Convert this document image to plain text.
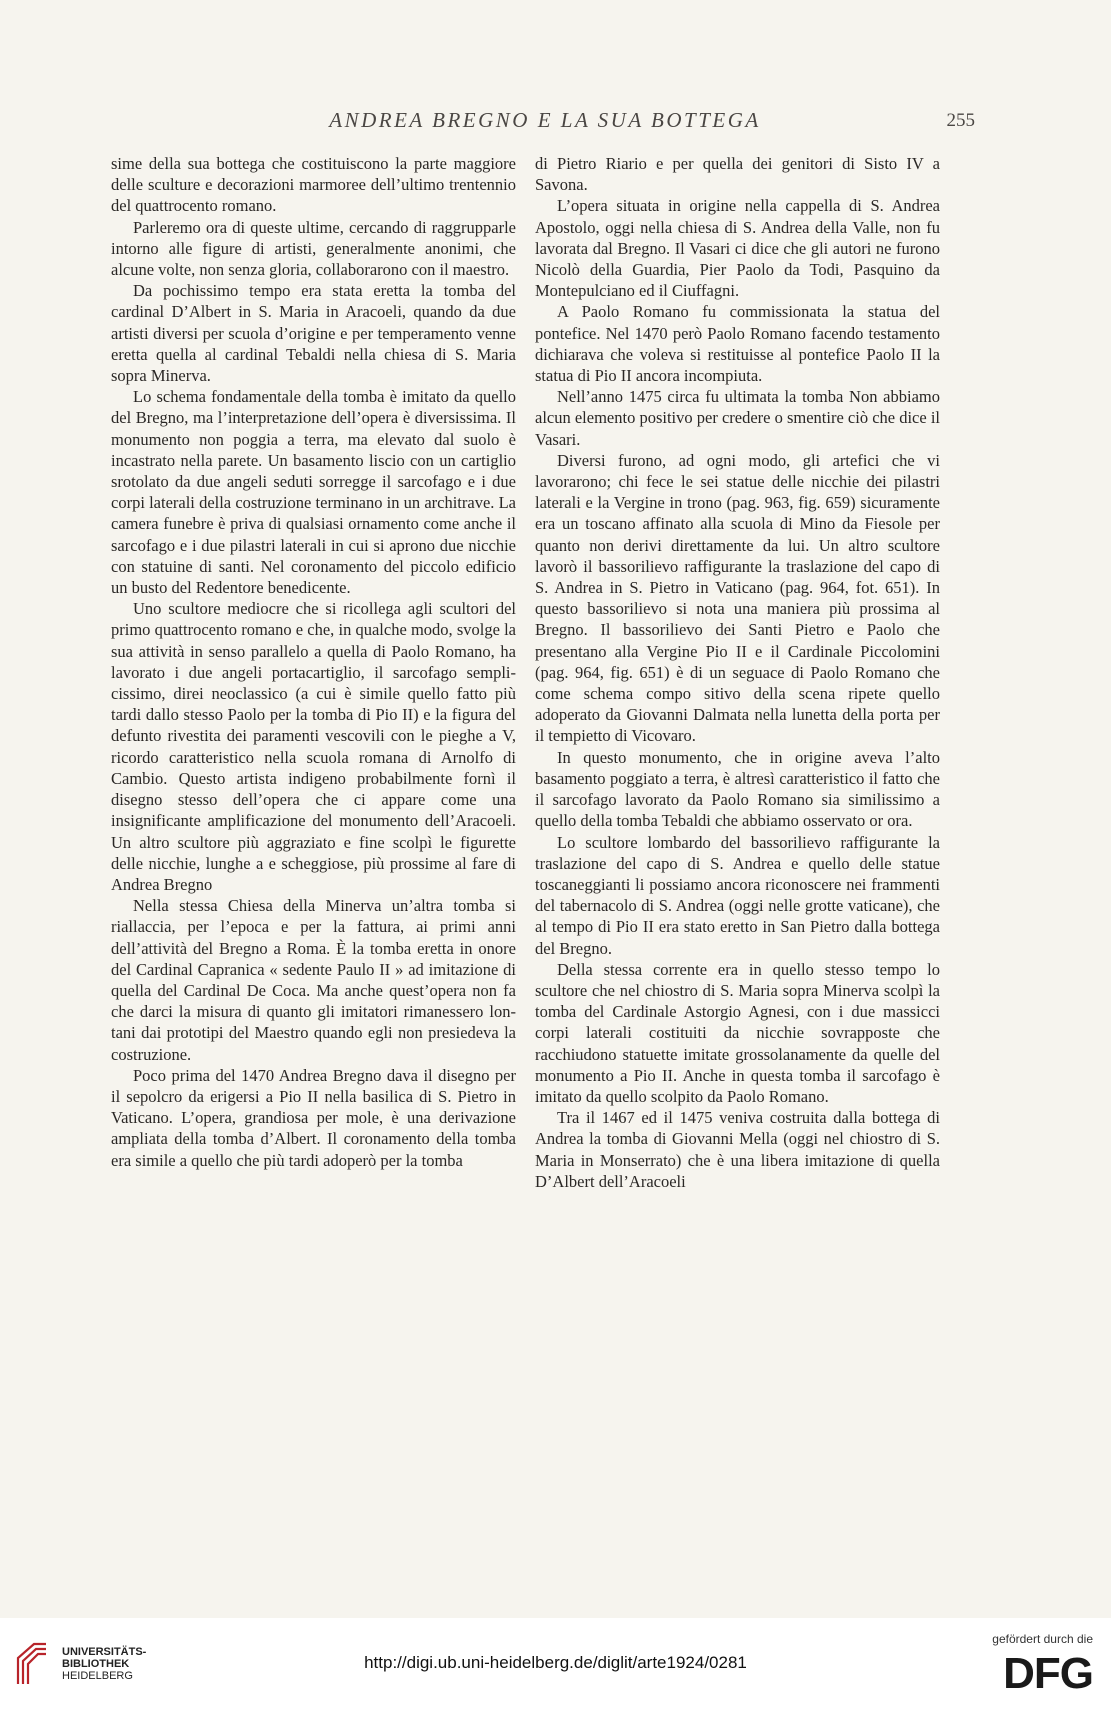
ANDREA BREGNO E LA SUA BOTTEGA	255

sime della sua bottega che costituiscono la parte maggiore delle sculture e decorazioni marmoree dell’ultimo trentennio del quattrocento romano.

Parleremo ora di queste ultime, cercando di raggrupparle intorno alle figure di artisti, generalmente anonimi, che alcune volte, non senza gloria, collaborarono con il maestro.

Da pochissimo tempo era stata eretta la tomba del cardinal D’Albert in S. Maria in Aracoeli, quando da due artisti diversi per scuola d’origine e per temperamento venne eretta quella al cardinal Tebaldi nella chiesa di S. Maria sopra Minerva.

Lo schema fondamentale della tomba è imitato da quello del Bregno, ma l’interpretazione dell’opera è diversissima. Il monumento non poggia a terra, ma elevato dal suolo è incastrato nella parete. Un basamento liscio con un cartiglio srotolato da due angeli seduti sorregge il sarcofago e i due corpi laterali della costruzione terminano in un architrave. La camera funebre è priva di qualsiasi ornamento come anche il sarcofago e i due pilastri laterali in cui si aprono due nicchie con statuine di santi. Nel coronamento del piccolo edificio un busto del Redentore benedicente.

Uno scultore mediocre che si ricollega agli scultori del primo quattrocento romano e che, in qualche modo, svolge la sua attività in senso parallelo a quella di Paolo Romano, ha lavorato i due angeli portacartiglio, il sarcofago semplicissimo, direi neoclassico (a cui è simile quello fatto più tardi dallo stesso Paolo per la tomba di Pio II) e la figura del defunto rivestita dei paramenti vescovili con le pieghe a V, ricordo caratteristico nella scuola romana di Arnolfo di Cambio. Questo artista indigeno probabilmente fornì il disegno stesso dell’opera che ci appare come una insignificante amplificazione del monumento dell’Aracoeli. Un altro scultore più aggraziato e fine scolpì le figurette delle nicchie, lunghe a e scheggiose, più prossime al fare di Andrea Bregno

Nella stessa Chiesa della Minerva un’altra tomba si riallaccia, per l’epoca e per la fattura, ai primi anni dell’attività del Bregno a Roma. È la tomba eretta in onore del Cardinal Capranica « sedente Paulo II » ad imitazione di quella del Cardinal De Coca. Ma anche quest’opera non fa che darci la misura di quanto gli imitatori rimanessero lontani dai prototipi del Maestro quando egli non presiedeva la costruzione.

Poco prima del 1470 Andrea Bregno dava il disegno per il sepolcro da erigersi a Pio II nella basilica di S. Pietro in Vaticano. L’opera, grandiosa per mole, è una derivazione ampliata della tomba d’Albert. Il coronamento della tomba era simile a quello che più tardi adoperò per la tomba

di Pietro Riario e per quella dei genitori di Sisto IV a Savona.

L’opera situata in origine nella cappella di S. Andrea Apostolo, oggi nella chiesa di S. Andrea della Valle, non fu lavorata dal Bregno. Il Vasari ci dice che gli autori ne furono Nicolò della Guardia, Pier Paolo da Todi, Pasquino da Montepulciano ed il Ciuffagni.

A Paolo Romano fu commissionata la statua del pontefice. Nel 1470 però Paolo Romano facendo testamento dichiarava che voleva si restituisse al pontefice Paolo II la statua di Pio II ancora incompiuta.

Nell’anno 1475 circa fu ultimata la tomba Non abbiamo alcun elemento positivo per credere o smentire ciò che dice il Vasari.

Diversi furono, ad ogni modo, gli artefici che vi lavorarono; chi fece le sei statue delle nicchie dei pilastri laterali e la Vergine in trono (pag. 963, fig. 659) sicuramente era un toscano affinato alla scuola di Mino da Fiesole per quanto non derivi direttamente da lui. Un altro scultore lavorò il bassorilievo raffigurante la traslazione del capo di S. Andrea in S. Pietro in Vaticano (pag. 964, fot. 651). In questo bassorilievo si nota una maniera più prossima al Bregno. Il bassorilievo dei Santi Pietro e Paolo che presentano alla Vergine Pio II e il Cardinale Piccolomini (pag. 964, fig. 651) è di un seguace di Paolo Romano che come schema compo sitivo della scena ripete quello adoperato da Giovanni Dalmata nella lunetta della porta per il tempietto di Vicovaro.

In questo monumento, che in origine aveva l’alto basamento poggiato a terra, è altresì caratteristico il fatto che il sarcofago lavorato da Paolo Romano sia similissimo a quello della tomba Tebaldi che abbiamo osservato or ora.

Lo scultore lombardo del bassorilievo raffigurante la traslazione del capo di S. Andrea e quello delle statue toscaneggianti li possiamo ancora riconoscere nei frammenti del tabernacolo di S. Andrea (oggi nelle grotte vaticane), che al tempo di Pio II era stato eretto in San Pietro dalla bottega del Bregno.

Della stessa corrente era in quello stesso tempo lo scultore che nel chiostro di S. Maria sopra Minerva scolpì la tomba del Cardinale Astorgio Agnesi, con i due massicci corpi laterali costituiti da nicchie sovrapposte che racchiudono statuette imitate grossolanamente da quelle del monumento a Pio II. Anche in questa tomba il sarcofago è imitato da quello scolpito da Paolo Romano.

Tra il 1467 ed il 1475 veniva costruita dalla bottega di Andrea la tomba di Giovanni Mella (oggi nel chiostro di S. Maria in Monserrato) che è una libera imitazione di quella D’Albert dell’Aracoeli

UNIVERSITÄTS-
BIBLIOTHEK
HEIDELBERG
http://digi.ub.uni-heidelberg.de/diglit/arte1924/0281
gefördert durch die
DFG
